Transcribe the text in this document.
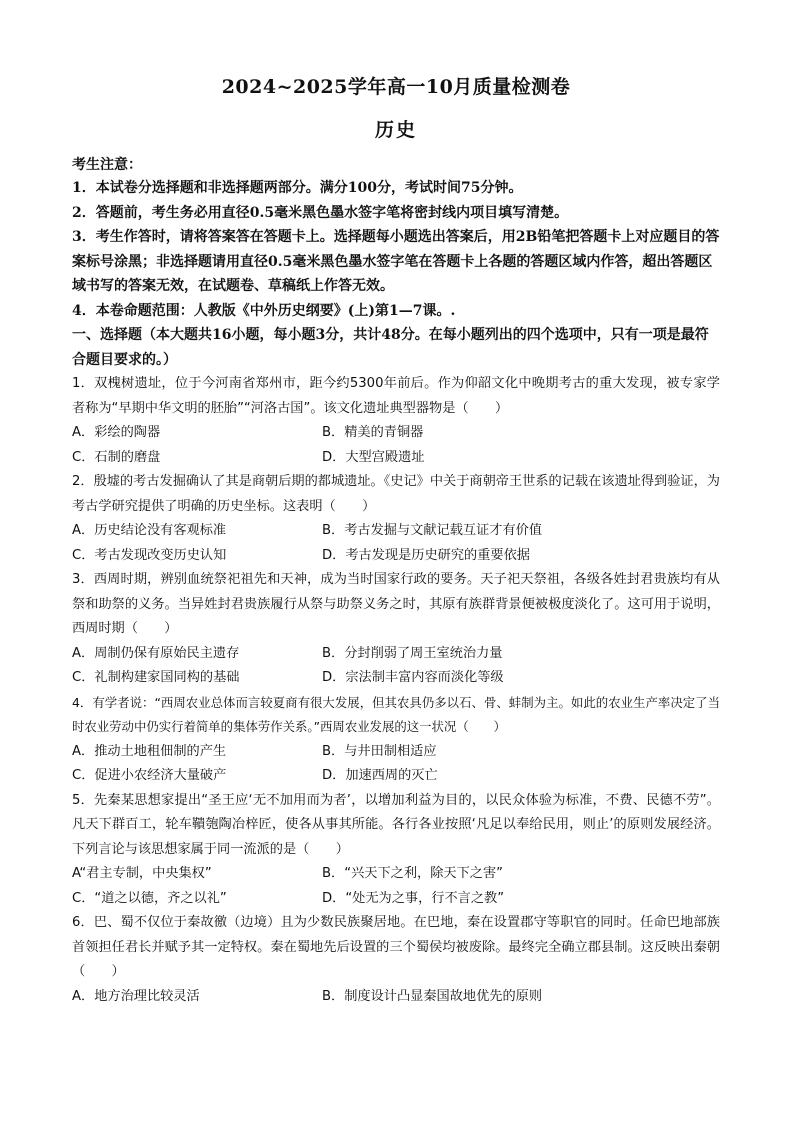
2024~2025学年高一10月质量检测卷
历史
考生注意：

1．本试卷分选择题和非选择题两部分。满分100分，考试时间75分钟。

2．答题前，考生务必用直径0.5毫米黑色墨水签字笔将密封线内项目填写清楚。

3．考生作答时，请将答案答在答题卡上。选择题每小题选出答案后，用2B铅笔把答题卡上对应题目的答案标号涂黑；非选择题请用直径0.5毫米黑色墨水签字笔在答题卡上各题的答题区域内作答，超出答题区域书写的答案无效，在试题卷、草稿纸上作答无效。

4．本卷命题范围：人教版《中外历史纲要》(上)第1—7课。.

一、选择题（本大题共16小题，每小题3分，共计48分。在每小题列出的四个选项中，只有一项是最符合题目要求的。）

1．双槐树遗址，位于今河南省郑州市，距今约5300年前后。作为仰韶文化中晚期考古的重大发现，被专家学者称为“早期中华文明的胚胎”“河洛古国”。该文化遗址典型器物是（　　）

A．彩绘的陶器	B．精美的青铜器
C．石制的磨盘	D．大型宫殿遗址

2．殷墟的考古发掘确认了其是商朝后期的都城遗址。《史记》中关于商朝帝王世系的记载在该遗址得到验证，为考古学研究提供了明确的历史坐标。这表明（　　）

A．历史结论没有客观标准	B．考古发掘与文献记载互证才有价值
C．考古发现改变历史认知	D．考古发现是历史研究的重要依据

3．西周时期，辨别血统祭祀祖先和天神，成为当时国家行政的要务。天子祀天祭祖，各级各姓封君贵族均有从祭和助祭的义务。当异姓封君贵族履行从祭与助祭义务之时，其原有族群背景便被极度淡化了。这可用于说明，西周时期（　　）

A．周制仍保有原始民主遗存	B．分封削弱了周王室统治力量
C．礼制构建家国同构的基础	D．宗法制丰富内容而淡化等级

4．有学者说：“西周农业总体而言较夏商有很大发展，但其农具仍多以石、骨、蚌制为主。如此的农业生产率决定了当时农业劳动中仍实行着简单的集体劳作关系。”西周农业发展的这一状况（　　）

A．推动土地租佃制的产生	B．与井田制相适应
C．促进小农经济大量破产	D．加速西周的灭亡

5．先秦某思想家提出“圣王应‘无不加用而为者’，以增加利益为目的，以民众体验为标准，不费、民德不劳”。凡天下群百工，轮车鞼匏陶冶梓匠，使各从事其所能。各行各业按照‘凡足以奉给民用，则止’的原则发展经济。下列言论与该思想家属于同一流派的是（　　）

A“君主专制，中央集权”	B．“兴天下之利，除天下之害”
C．“道之以德，齐之以礼”	D．“处无为之事，行不言之教”

6．巴、蜀不仅位于秦故徼（边境）且为少数民族聚居地。在巴地，秦在设置郡守等职官的同时。任命巴地部族首领担任君长并赋予其一定特权。秦在蜀地先后设置的三个蜀侯均被废除。最终完全确立郡县制。这反映出秦朝（　　）

A．地方治理比较灵活	B．制度设计凸显秦国故地优先的原则
